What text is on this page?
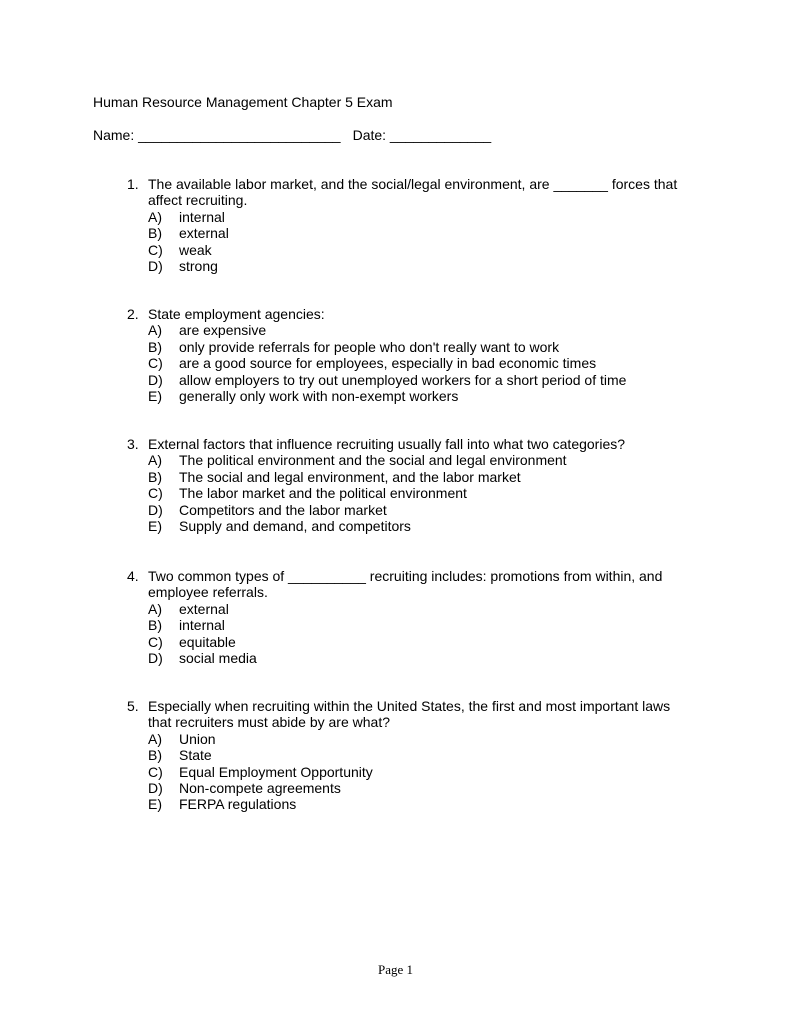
Human Resource Management Chapter 5 Exam
Name: __________________________ Date: _____________
1. The available labor market, and the social/legal environment, are _______ forces that affect recruiting.
A)	internal
B)	external
C)	weak
D)	strong
2. State employment agencies:
A)	are expensive
B)	only provide referrals for people who don't really want to work
C)	are a good source for employees, especially in bad economic times
D)	allow employers to try out unemployed workers for a short period of time
E)	generally only work with non-exempt workers
3. External factors that influence recruiting usually fall into what two categories?
A)	The political environment and the social and legal environment
B)	The social and legal environment, and the labor market
C)	The labor market and the political environment
D)	Competitors and the labor market
E)	Supply and demand, and competitors
4. Two common types of __________ recruiting includes: promotions from within, and employee referrals.
A)	external
B)	internal
C)	equitable
D)	social media
5. Especially when recruiting within the United States, the first and most important laws that recruiters must abide by are what?
A)	Union
B)	State
C)	Equal Employment Opportunity
D)	Non-compete agreements
E)	FERPA regulations
Page 1
